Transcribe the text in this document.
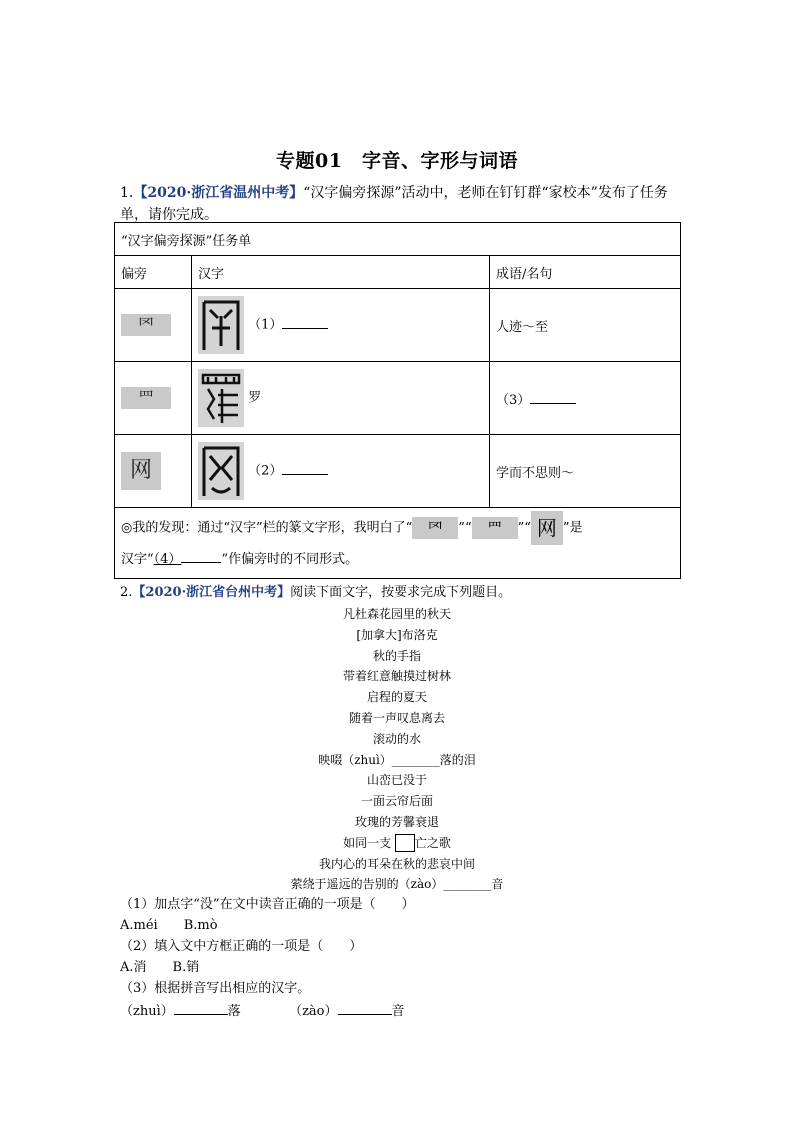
专题01　字音、字形与词语
1.【2020·浙江省温州中考】“汉字偏旁探源”活动中，老师在钉钉群“家校本”发布了任务单，请你完成。
“汉字偏旁探源”任务单		
偏旁	汉字	成语/名句
罓	（1）	人迹～至
罒	罗	（3）
网	（2）	学而不思则～
◎我的发现：通过“汉字”栏的篆文字形，我明白了“ 罓 ”“ 罒 ”“ 网 ”是
汉字“（4） ”作偏旁时的不同形式。		
2.【2020·浙江省台州中考】阅读下面文字，按要求完成下列题目。
凡杜森花园里的秋天
[加拿大]布洛克
秋的手指
带着红意触摸过树林
启程的夏天
随着一声叹息离去
滚动的水
映啜（zhuì）________落的泪
山峦已没于
一面云帘后面
玫瑰的芳馨衰退
如同一支 亡之歌
我内心的耳朵在秋的悲哀中间
萦绕于遥远的告别的（zào）________音
（1）加点字“没”在文中读音正确的一项是（　　）
A.méi　　B.mò
（2）填入文中方框正确的一项是（　　）
A.消　　B.销
（3）根据拼音写出相应的汉字。
（zhuì）	落	（zào）	音
